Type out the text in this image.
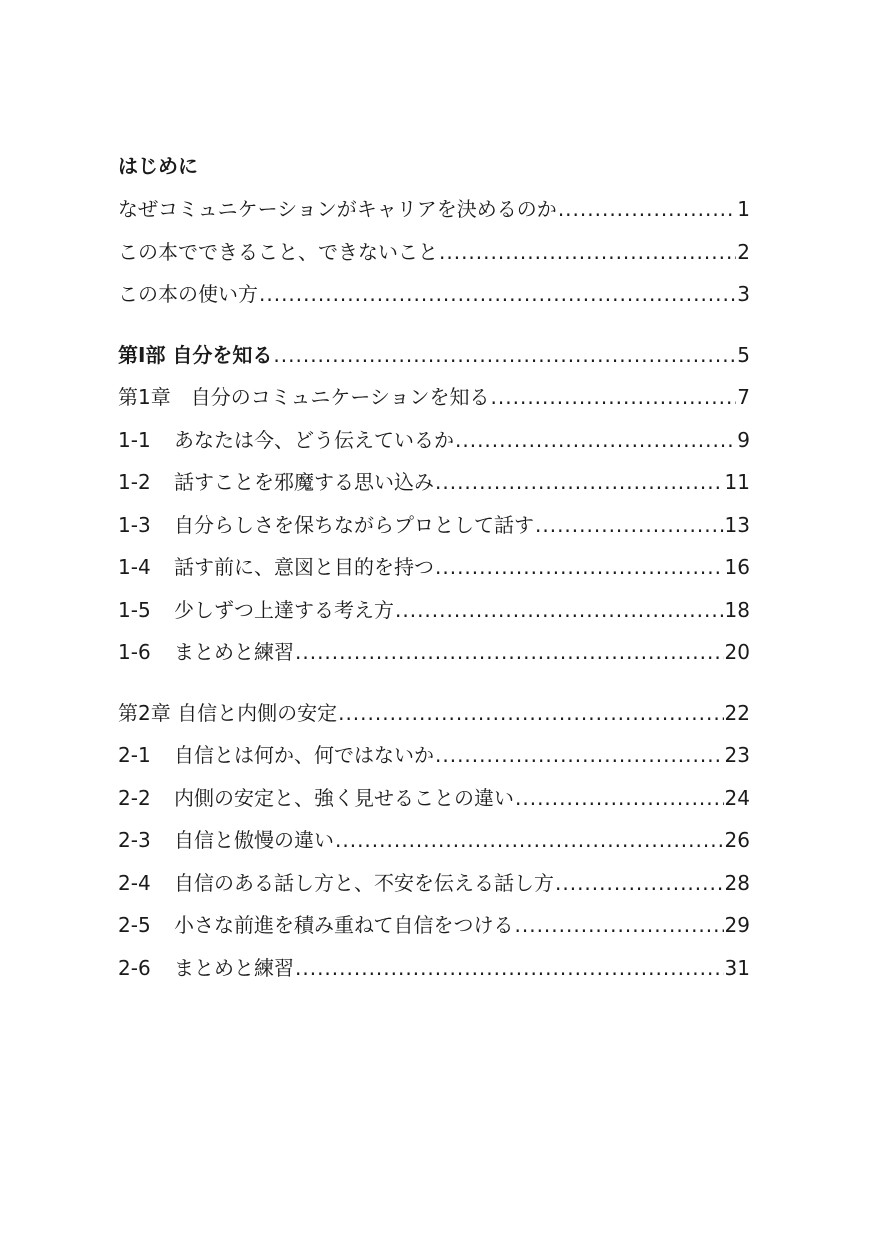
はじめに
なぜコミュニケーションがキャリアを決めるのか .....	1
この本でできること、できないこと .....	2
この本の使い方 .....	3
第Ⅰ部 自分を知る .....	5
第1章　自分のコミュニケーションを知る .....	7
1-1	あなたは今、どう伝えているか .....	9
1-2	話すことを邪魔する思い込み .....	11
1-3	自分らしさを保ちながらプロとして話す .....	13
1-4	話す前に、意図と目的を持つ .....	16
1-5	少しずつ上達する考え方 .....	18
1-6	まとめと練習 .....	20
第2章 自信と内側の安定 .....	22
2-1	自信とは何か、何ではないか .....	23
2-2	内側の安定と、強く見せることの違い .....	24
2-3	自信と傲慢の違い .....	26
2-4	自信のある話し方と、不安を伝える話し方 .....	28
2-5	小さな前進を積み重ねて自信をつける .....	29
2-6	まとめと練習 .....	31
